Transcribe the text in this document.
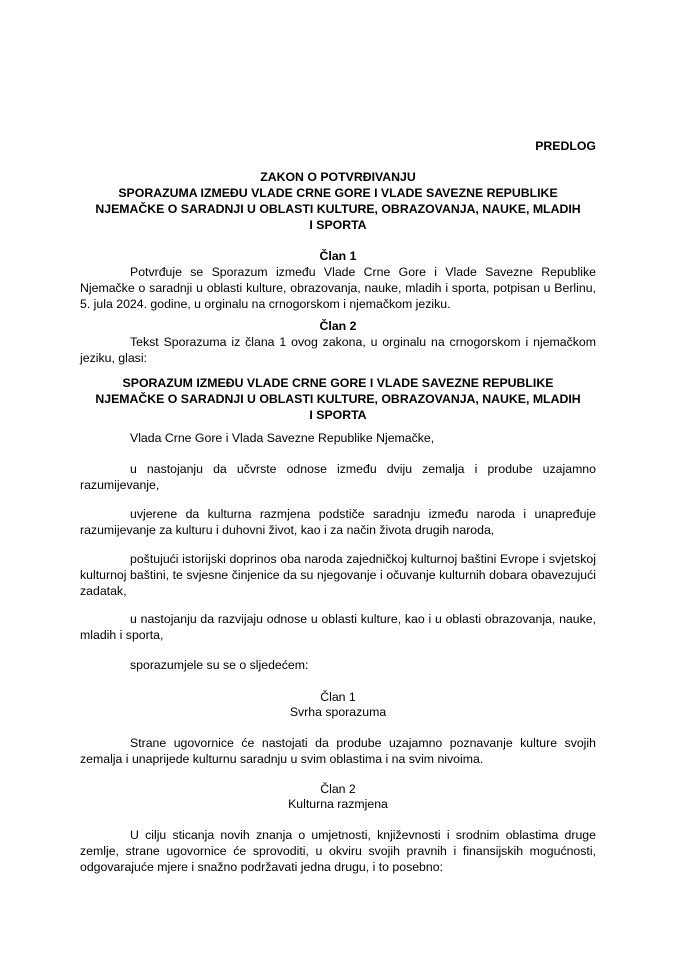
PREDLOG
ZAKON O POTVRĐIVANJU
SPORAZUMA IZMEĐU VLADE CRNE GORE I VLADE SAVEZNE REPUBLIKE
NJEMAČKE O SARADNJI U OBLASTI KULTURE, OBRAZOVANJA, NAUKE, MLADIH
I SPORTA
Član 1

Potvrđuje se Sporazum između Vlade Crne Gore i Vlade Savezne Republike Njemačke o saradnji u oblasti kulture, obrazovanja, nauke, mladih i sporta, potpisan u Berlinu, 5. jula 2024. godine, u orginalu na crnogorskom i njemačkom jeziku.

Član 2

Tekst Sporazuma iz člana 1 ovog zakona, u orginalu na crnogorskom i njemačkom jeziku, glasi:

SPORAZUM IZMEĐU VLADE CRNE GORE I VLADE SAVEZNE REPUBLIKE
NJEMAČKE O SARADNJI U OBLASTI KULTURE, OBRAZOVANJA, NAUKE, MLADIH
I SPORTA

Vlada Crne Gore i Vlada Savezne Republike Njemačke,

u nastojanju da učvrste odnose između dviju zemalja i prodube uzajamno razumijevanje,

uvjerene da kulturna razmjena podstiče saradnju između naroda i unapređuje razumijevanje za kulturu i duhovni život, kao i za način života drugih naroda,

poštujući istorijski doprinos oba naroda zajedničkoj kulturnoj baštini Evrope i svjetskoj kulturnoj baštini, te svjesne činjenice da su njegovanje i očuvanje kulturnih dobara obavezujući zadatak,

u nastojanju da razvijaju odnose u oblasti kulture, kao i u oblasti obrazovanja, nauke, mladih i sporta,

sporazumjele su se o sljedećem:

Član 1
Svrha sporazuma

Strane ugovornice će nastojati da prodube uzajamno poznavanje kulture svojih zemalja i unaprijede kulturnu saradnju u svim oblastima i na svim nivoima.

Član 2
Kulturna razmjena

U cilju sticanja novih znanja o umjetnosti, književnosti i srodnim oblastima druge zemlje, strane ugovornice će sprovoditi, u okviru svojih pravnih i finansijskih mogućnosti, odgovarajuće mjere i snažno podržavati jedna drugu, i to posebno:
